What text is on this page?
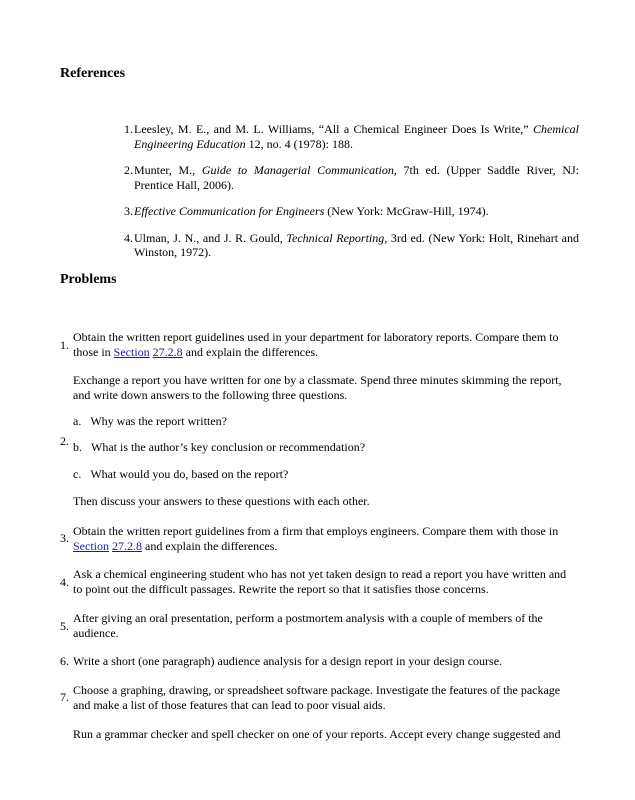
References
1. Leesley, M. E., and M. L. Williams, “All a Chemical Engineer Does Is Write,” Chemical Engineering Education 12, no. 4 (1978): 188.
2. Munter, M., Guide to Managerial Communication, 7th ed. (Upper Saddle River, NJ: Prentice Hall, 2006).
3. Effective Communication for Engineers (New York: McGraw-Hill, 1974).
4. Ulman, J. N., and J. R. Gould, Technical Reporting, 3rd ed. (New York: Holt, Rinehart and Winston, 1972).
Problems
1.

Obtain the written report guidelines used in your department for laboratory reports. Compare them to those in Section 27.2.8 and explain the differences.

Exchange a report you have written for one by a classmate. Spend three minutes skimming the report, and write down answers to the following three questions.

a. Why was the report written?
2. b. What is the author’s key conclusion or recommendation?
c. What would you do, based on the report?

Then discuss your answers to these questions with each other.

3. Obtain the written report guidelines from a firm that employs engineers. Compare them with those in Section 27.2.8 and explain the differences.

4.

Ask a chemical engineering student who has not yet taken design to read a report you have written and to point out the difficult passages. Rewrite the report so that it satisfies those concerns.

5.

After giving an oral presentation, perform a postmortem analysis with a couple of members of the audience.

6. Write a short (one paragraph) audience analysis for a design report in your design course.

7. Choose a graphing, drawing, or spreadsheet software package. Investigate the features of the package and make a list of those features that can lead to poor visual aids.

Run a grammar checker and spell checker on one of your reports. Accept every change suggested and
